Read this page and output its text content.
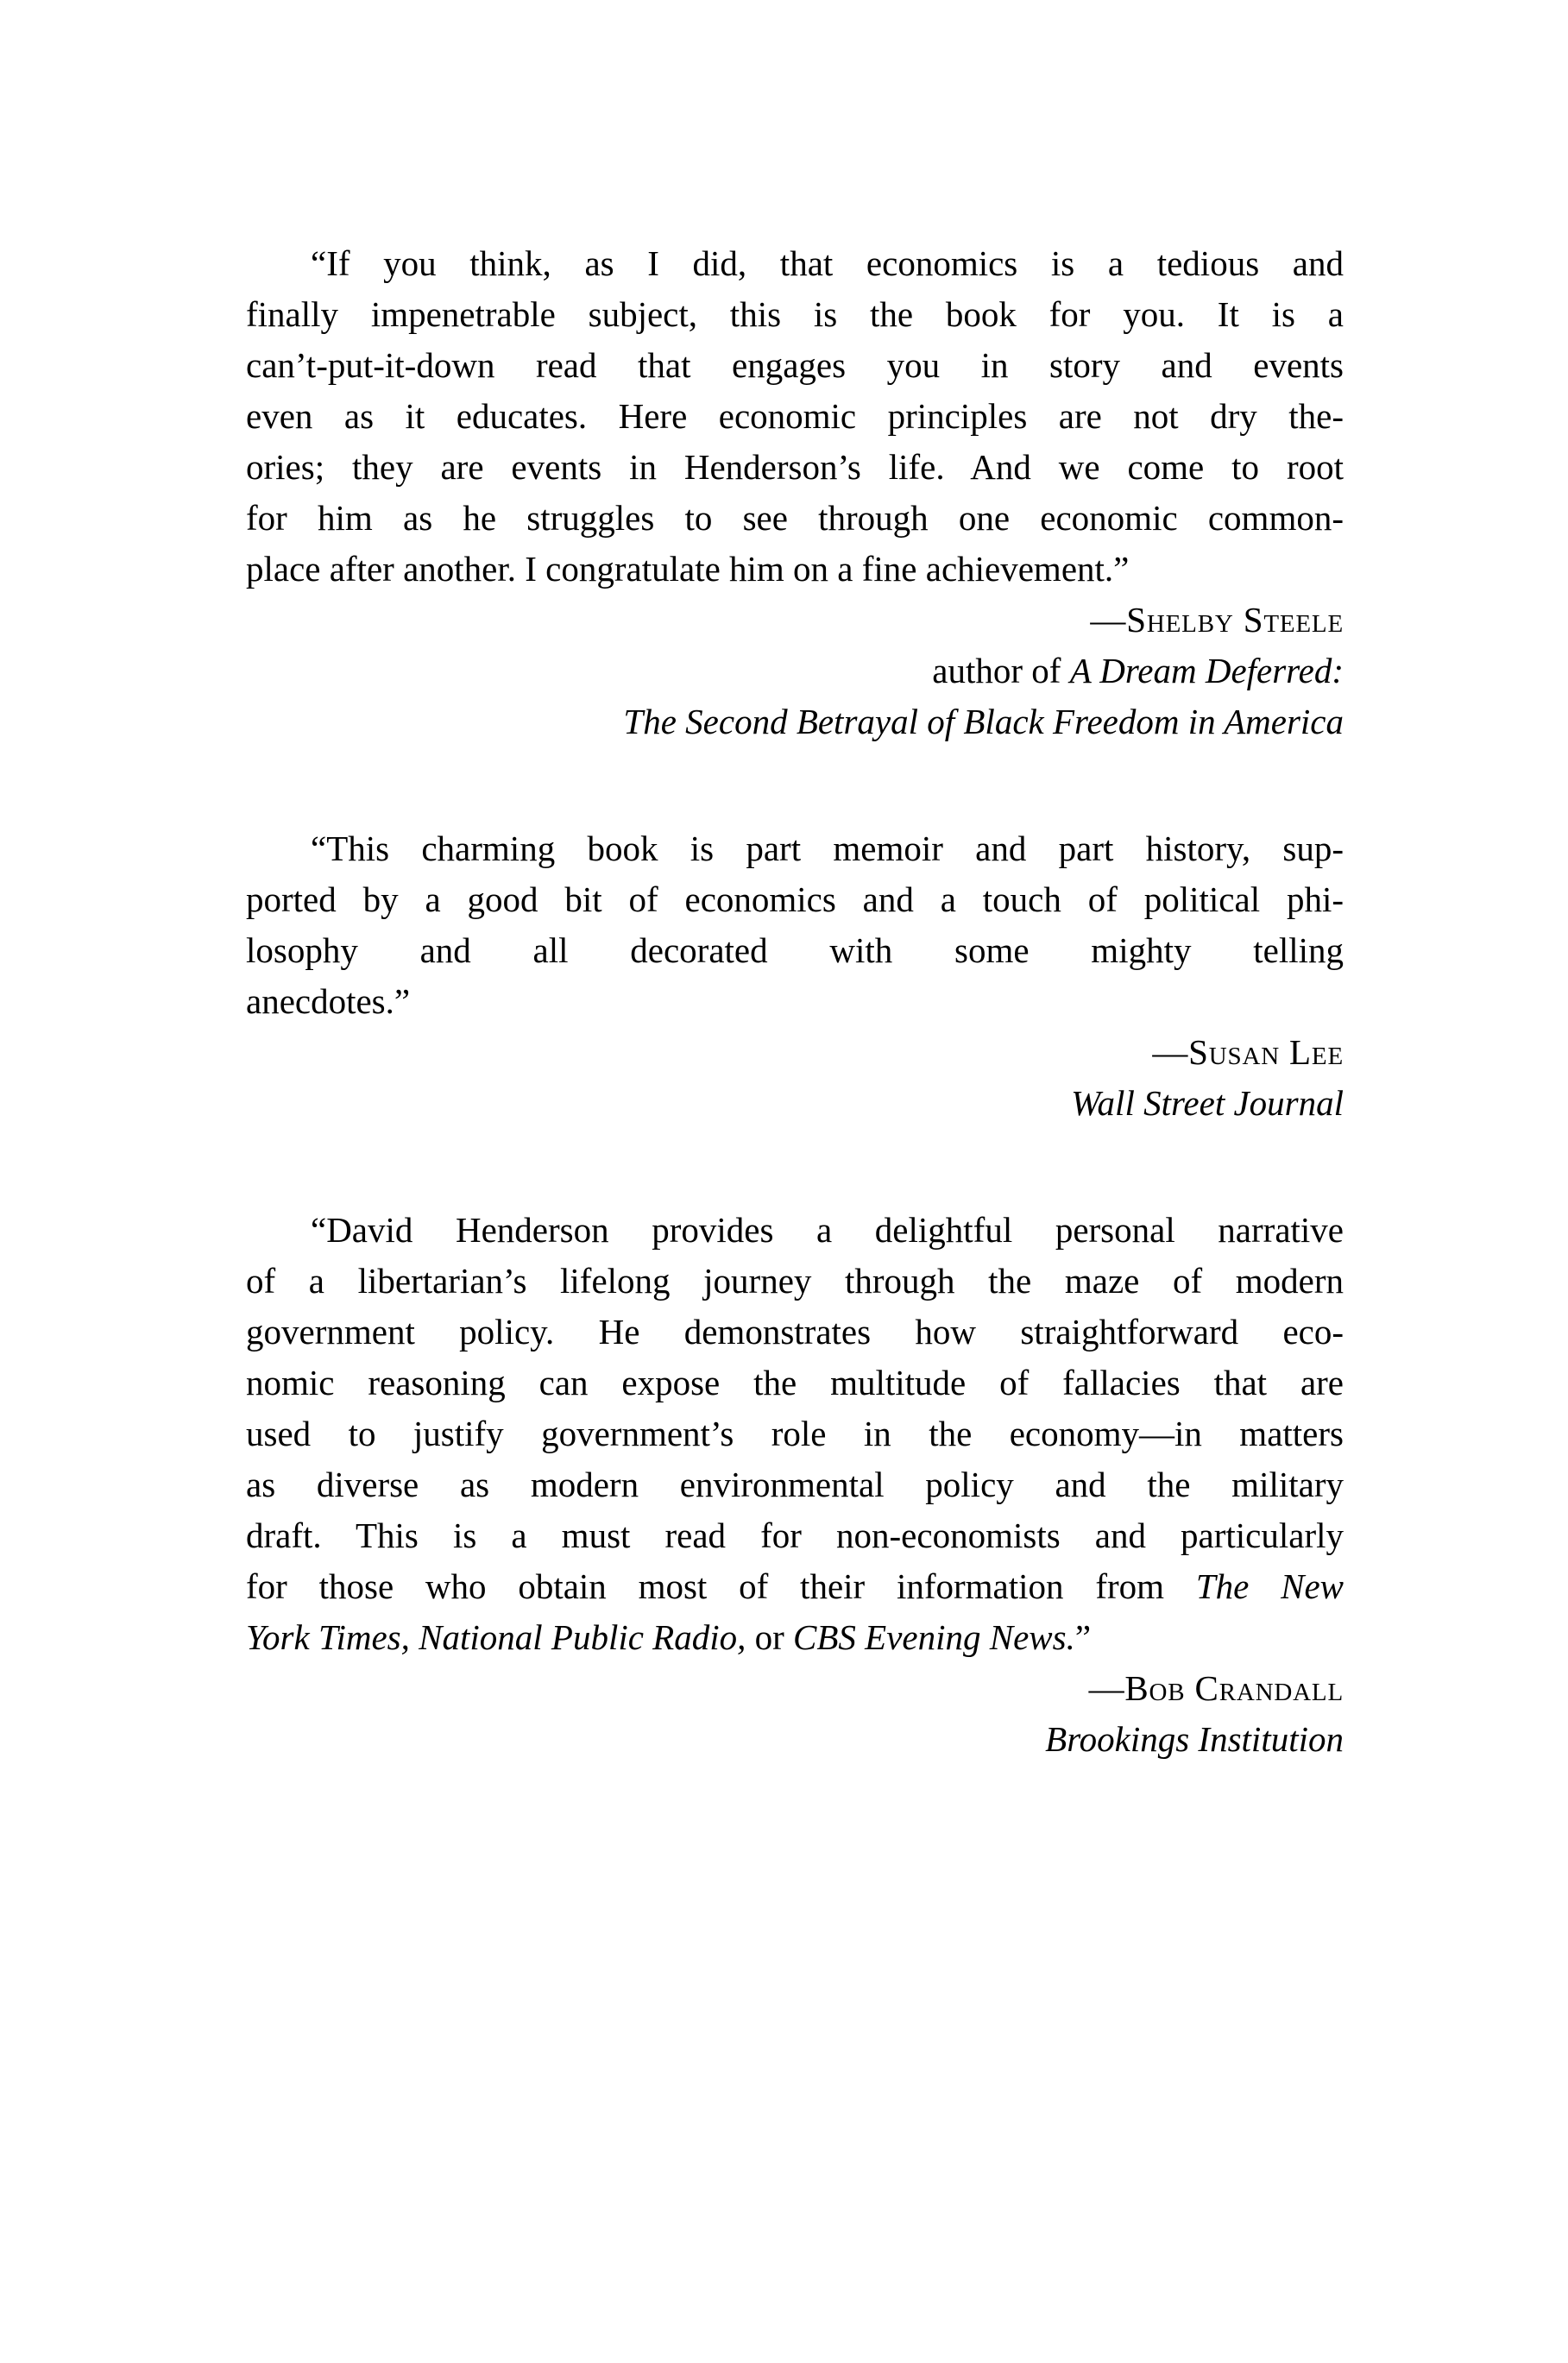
“If you think, as I did, that economics is a tedious and
finally impenetrable subject, this is the book for you. It is a
can’t-put-it-down read that engages you in story and events
even as it educates. Here economic principles are not dry the-
ories; they are events in Henderson’s life. And we come to root
for him as he struggles to see through one economic common-
place after another. I congratulate him on a fine achievement.”
—Shelby Steele
author of A Dream Deferred:
The Second Betrayal of Black Freedom in America
“This charming book is part memoir and part history, sup-
ported by a good bit of economics and a touch of political phi-
losophy and all decorated with some mighty telling
anecdotes.”
—Susan Lee
Wall Street Journal
“David Henderson provides a delightful personal narrative
of a libertarian’s lifelong journey through the maze of modern
government policy. He demonstrates how straightforward eco-
nomic reasoning can expose the multitude of fallacies that are
used to justify government’s role in the economy—in matters
as diverse as modern environmental policy and the military
draft. This is a must read for non-economists and particularly
for those who obtain most of their information from The New
York Times, National Public Radio, or CBS Evening News.”
—Bob Crandall
Brookings Institution
